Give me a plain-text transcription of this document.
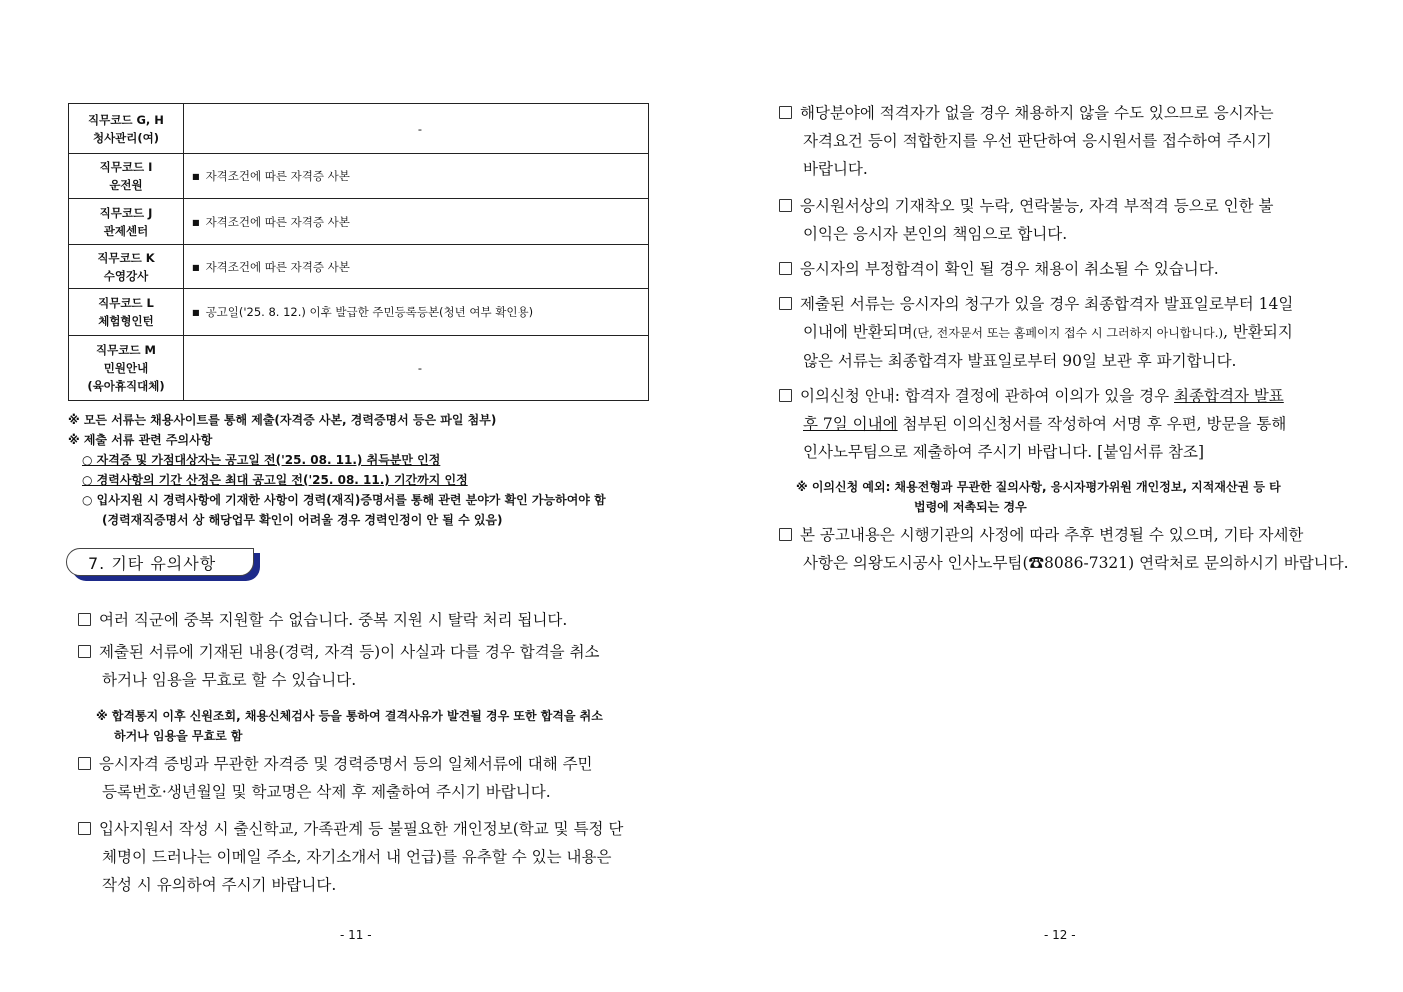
직무코드 G, H
청사관리(여)	-

직무코드 I
운전원	■ 자격조건에 따른 자격증 사본

직무코드 J
관제센터	■ 자격조건에 따른 자격증 사본

직무코드 K
수영강사	■ 자격조건에 따른 자격증 사본

직무코드 L
체험형인턴	■ 공고일('25. 8. 12.) 이후 발급한 주민등록등본(청년 여부 확인용)

직무코드 M
민원안내
(육아휴직대체)	-

※ 모든 서류는 채용사이트를 통해 제출(자격증 사본, 경력증명서 등은 파일 첨부)

※ 제출 서류 관련 주의사항

○ 자격증 및 가점대상자는 공고일 전('25. 08. 11.) 취득분만 인정

○ 경력사항의 기간 산정은 최대 공고일 전('25. 08. 11.) 기간까지 인정

○ 입사지원 시 경력사항에 기재한 사항이 경력(재직)증명서를 통해 관련 분야가 확인 가능하여야 함

(경력재직증명서 상 해당업무 확인이 어려울 경우 경력인정이 안 될 수 있음)

7. 기타 유의사항
여러 직군에 중복 지원할 수 없습니다. 중복 지원 시 탈락 처리 됩니다.
제출된 서류에 기재된 내용(경력, 자격 등)이 사실과 다를 경우 합격을 취소
하거나 임용을 무효로 할 수 있습니다.
※ 합격통지 이후 신원조회, 채용신체검사 등을 통하여 결격사유가 발견될 경우 또한 합격을 취소
하거나 임용을 무효로 함
응시자격 증빙과 무관한 자격증 및 경력증명서 등의 일체서류에 대해 주민
등록번호·생년월일 및 학교명은 삭제 후 제출하여 주시기 바랍니다.
입사지원서 작성 시 출신학교, 가족관계 등 불필요한 개인정보(학교 및 특정 단
체명이 드러나는 이메일 주소, 자기소개서 내 언급)를 유추할 수 있는 내용은
작성 시 유의하여 주시기 바랍니다.
- 11 -
해당분야에 적격자가 없을 경우 채용하지 않을 수도 있으므로 응시자는
자격요건 등이 적합한지를 우선 판단하여 응시원서를 접수하여 주시기
바랍니다.
응시원서상의 기재착오 및 누락, 연락불능, 자격 부적격 등으로 인한 불
이익은 응시자 본인의 책임으로 합니다.
응시자의 부정합격이 확인 될 경우 채용이 취소될 수 있습니다.
제출된 서류는 응시자의 청구가 있을 경우 최종합격자 발표일로부터 14일
이내에 반환되며(단, 전자문서 또는 홈페이지 접수 시 그러하지 아니합니다.), 반환되지
않은 서류는 최종합격자 발표일로부터 90일 보관 후 파기합니다.
이의신청 안내: 합격자 결정에 관하여 이의가 있을 경우 최종합격자 발표
후 7일 이내에 첨부된 이의신청서를 작성하여 서명 후 우편, 방문을 통해
인사노무팀으로 제출하여 주시기 바랍니다. [붙임서류 참조]
※ 이의신청 예외: 채용전형과 무관한 질의사항, 응시자평가위원 개인정보, 지적재산권 등 타
법령에 저촉되는 경우
본 공고내용은 시행기관의 사정에 따라 추후 변경될 수 있으며, 기타 자세한
사항은 의왕도시공사 인사노무팀(☎8086-7321) 연락처로 문의하시기 바랍니다.
- 12 -
